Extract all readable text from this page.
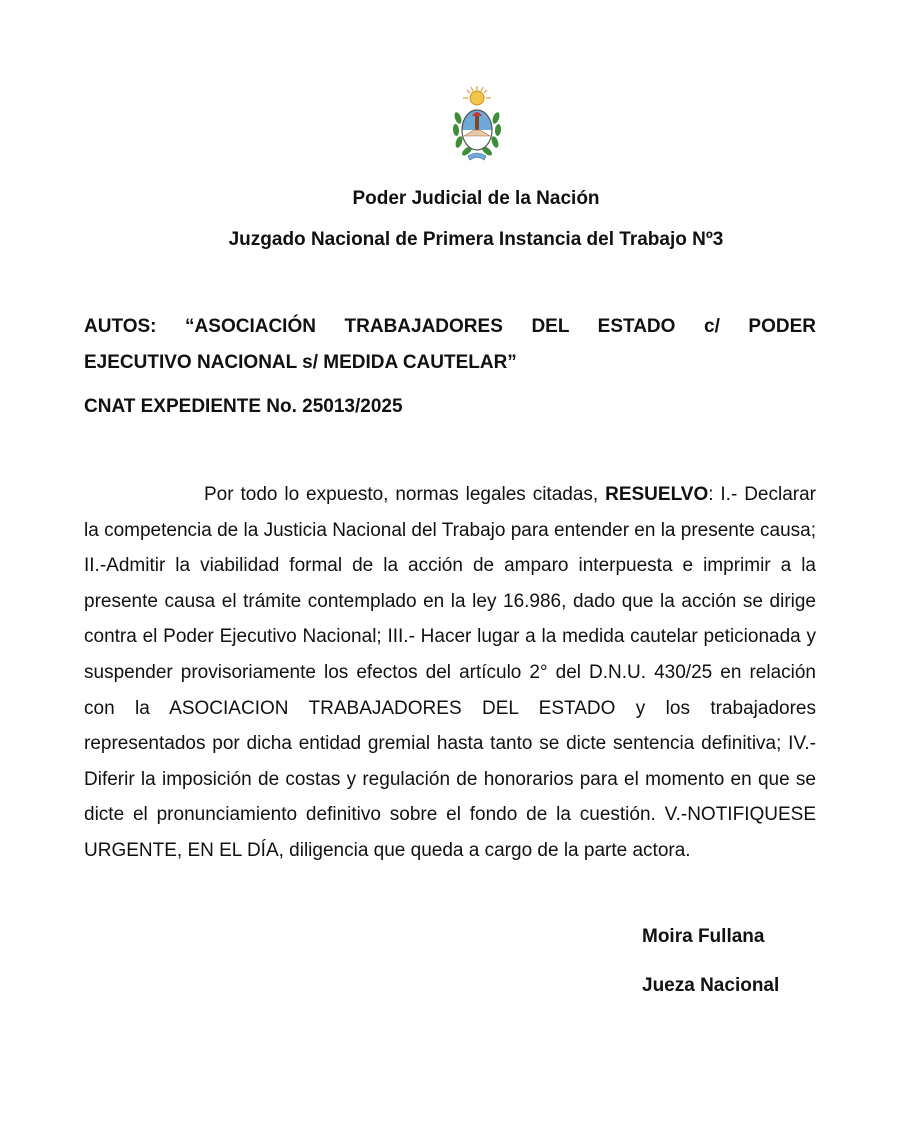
Poder Judicial de la Nación
Juzgado Nacional de Primera Instancia del Trabajo Nº3
AUTOS: “ASOCIACIÓN TRABAJADORES DEL ESTADO c/ PODER
EJECUTIVO NACIONAL s/ MEDIDA CAUTELAR”
CNAT EXPEDIENTE No. 25013/2025

Por todo lo expuesto, normas legales citadas, RESUELVO: I.- Declarar la competencia de la Justicia Nacional del Trabajo para entender en la presente causa; II.-Admitir la viabilidad formal de la acción de amparo interpuesta e imprimir a la presente causa el trámite contemplado en la ley 16.986, dado que la acción se dirige contra el Poder Ejecutivo Nacional; III.- Hacer lugar a la medida cautelar peticionada y suspender provisoriamente los efectos del artículo 2° del D.N.U. 430/25 en relación con la ASOCIACION TRABAJADORES DEL ESTADO y los trabajadores representados por dicha entidad gremial hasta tanto se dicte sentencia definitiva; IV.-Diferir la imposición de costas y regulación de honorarios para el momento en que se dicte el pronunciamiento definitivo sobre el fondo de la cuestión. V.-NOTIFIQUESE URGENTE, EN EL DÍA, diligencia que queda a cargo de la parte actora.

Moira Fullana
Jueza Nacional
